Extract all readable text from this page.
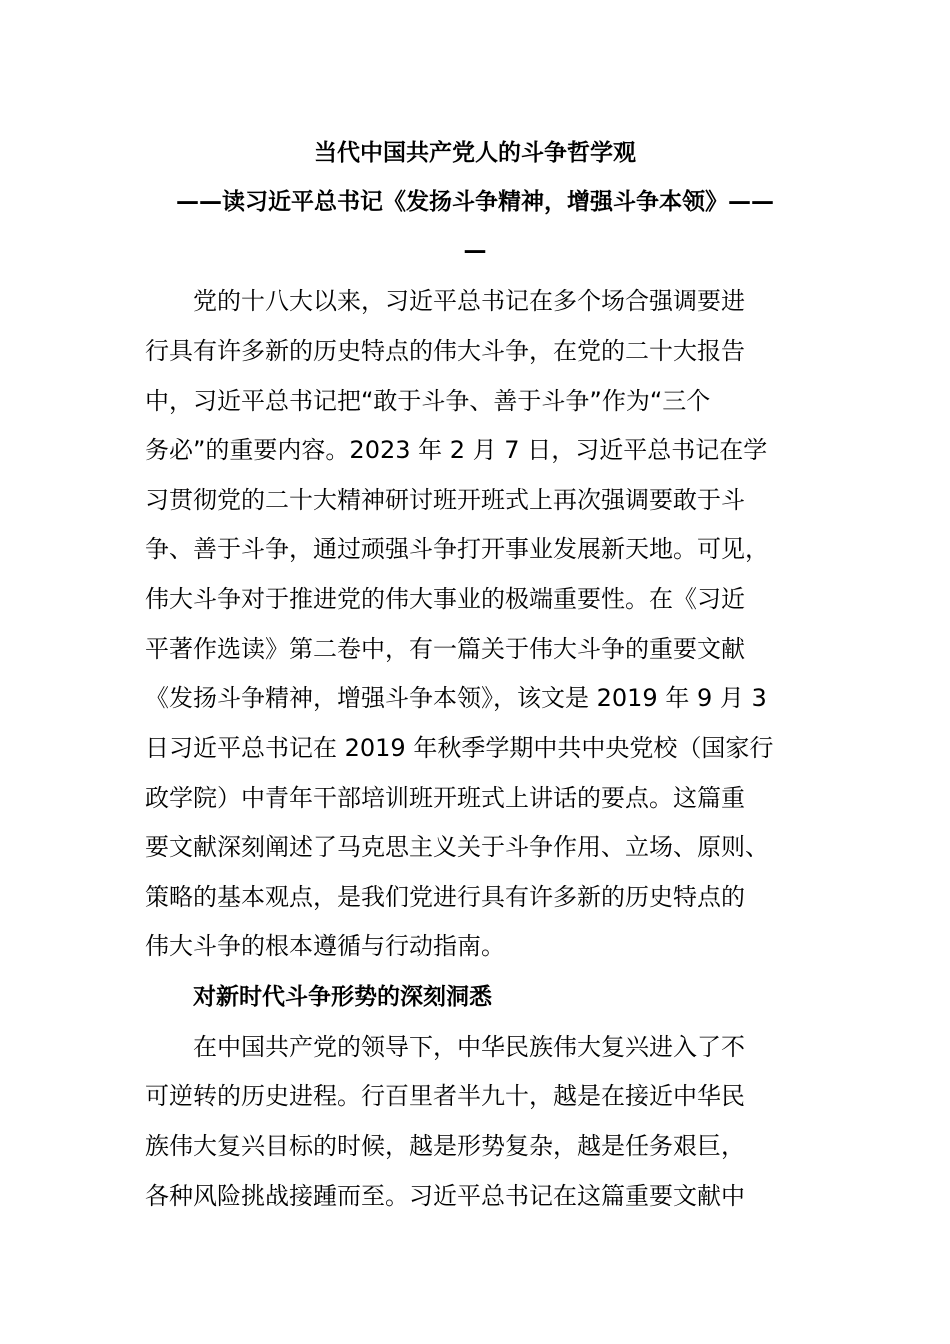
当代中国共产党人的斗争哲学观
——读习近平总书记《发扬斗争精神，增强斗争本领》——
—
党的十八大以来，习近平总书记在多个场合强调要进
行具有许多新的历史特点的伟大斗争，在党的二十大报告
中，习近平总书记把“敢于斗争、善于斗争”作为“三个
务必”的重要内容。2023 年 2 月 7 日，习近平总书记在学
习贯彻党的二十大精神研讨班开班式上再次强调要敢于斗
争、善于斗争，通过顽强斗争打开事业发展新天地。可见，
伟大斗争对于推进党的伟大事业的极端重要性。在《习近
平著作选读》第二卷中，有一篇关于伟大斗争的重要文献
《发扬斗争精神，增强斗争本领》，该文是 2019 年 9 月 3
日习近平总书记在 2019 年秋季学期中共中央党校（国家行
政学院）中青年干部培训班开班式上讲话的要点。这篇重
要文献深刻阐述了马克思主义关于斗争作用、立场、原则、
策略的基本观点，是我们党进行具有许多新的历史特点的
伟大斗争的根本遵循与行动指南。
对新时代斗争形势的深刻洞悉
在中国共产党的领导下，中华民族伟大复兴进入了不
可逆转的历史进程。行百里者半九十，越是在接近中华民
族伟大复兴目标的时候，越是形势复杂，越是任务艰巨，
各种风险挑战接踵而至。习近平总书记在这篇重要文献中
